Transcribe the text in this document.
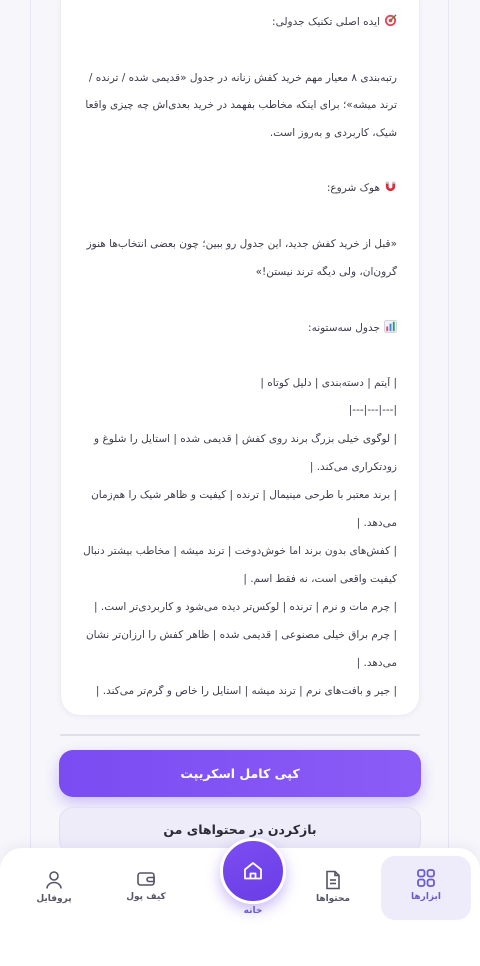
ایده اصلی تکنیک جدولی:
رتبه‌بندی ۸ معیار مهم خرید کفش زنانه در جدول «قدیمی شده / ترنده /
ترند میشه»؛ برای اینکه مخاطب بفهمد در خرید بعدی‌اش چه چیزی واقعاً
شیک، کاربردی و به‌روز است.
هوک شروع:
«قبل از خرید کفش جدید، این جدول رو ببین؛ چون بعضی انتخاب‌ها هنوز
گرون‌ان، ولی دیگه ترند نیستن!»
جدول سه‌ستونه:
| آیتم | دسته‌بندی | دلیل کوتاه |
|---|---|---|
| لوگوی خیلی بزرگ برند روی کفش | قدیمی شده | استایل را شلوغ و
زودتکراری می‌کند. |
| برند معتبر با طرحی مینیمال | ترنده | کیفیت و ظاهر شیک را هم‌زمان
می‌دهد. |
| کفش‌های بدون برند اما خوش‌دوخت | ترند میشه | مخاطب بیشتر دنبال
کیفیت واقعی است، نه فقط اسم. |
| چرم مات و نرم | ترنده | لوکس‌تر دیده می‌شود و کاربردی‌تر است. |
| چرم براق خیلی مصنوعی | قدیمی شده | ظاهر کفش را ارزان‌تر نشان
می‌دهد. |
| جیر و بافت‌های نرم | ترند میشه | استایل را خاص و گرم‌تر می‌کند. |
کپی کامل اسکریپت
بازکردن در محتواهای من
ابزارها
محتواها
کیف پول
پروفایل
خانه
